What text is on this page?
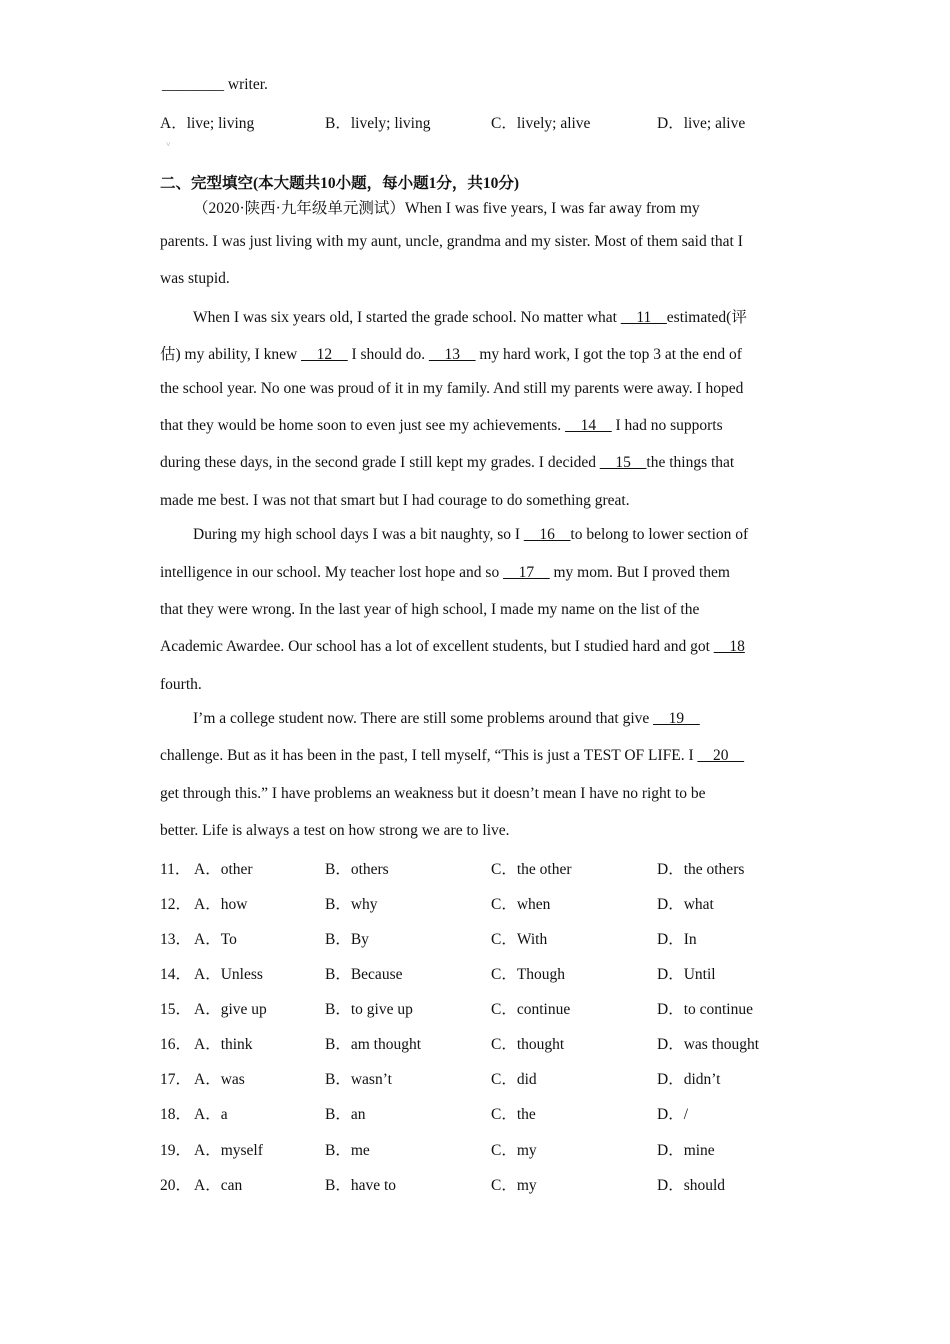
________ writer.
A．live; living	B．lively; living	C．lively; alive	D．live; alive
˅
二、完型填空(本大题共10小题，每小题1分，共10分)
（2020·陕西·九年级单元测试）When I was five years, I was far away from my
parents. I was just living with my aunt, uncle, grandma and my sister. Most of them said that I
was stupid.
When I was six years old, I started the grade school. No matter what __11__estimated(评
估) my ability, I knew __12__ I should do. __13__ my hard work, I got the top 3 at the end of
the school year. No one was proud of it in my family. And still my parents were away. I hoped
that they would be home soon to even just see my achievements. __14__ I had no supports
during these days, in the second grade I still kept my grades. I decided __15__the things that
made me best. I was not that smart but I had courage to do something great.
During my high school days I was a bit naughty, so I __16__to belong to lower section of
intelligence in our school. My teacher lost hope and so __17__ my mom. But I proved them
that they were wrong. In the last year of high school, I made my name on the list of the
Academic Awardee. Our school has a lot of excellent students, but I studied hard and got __18
fourth.
I’m a college student now. There are still some problems around that give __19__
challenge. But as it has been in the past, I tell myself, “This is just a TEST OF LIFE. I __20__
get through this.” I have problems an weakness but it doesn’t mean I have no right to be
better. Life is always a test on how strong we are to live.
11． A．other	B．others	C．the other	D．the others
12． A．how	B．why	C．when	D．what
13． A．To	B．By	C．With	D．In
14． A．Unless	B．Because	C．Though	D．Until
15． A．give up	B．to give up	C．continue	D．to continue
16． A．think	B．am thought	C．thought	D．was thought
17． A．was	B．wasn’t	C．did	D．didn’t
18． A．a	B．an	C．the	D．/
19． A．myself	B．me	C．my	D．mine
20． A．can	B．have to	C．my	D．should
